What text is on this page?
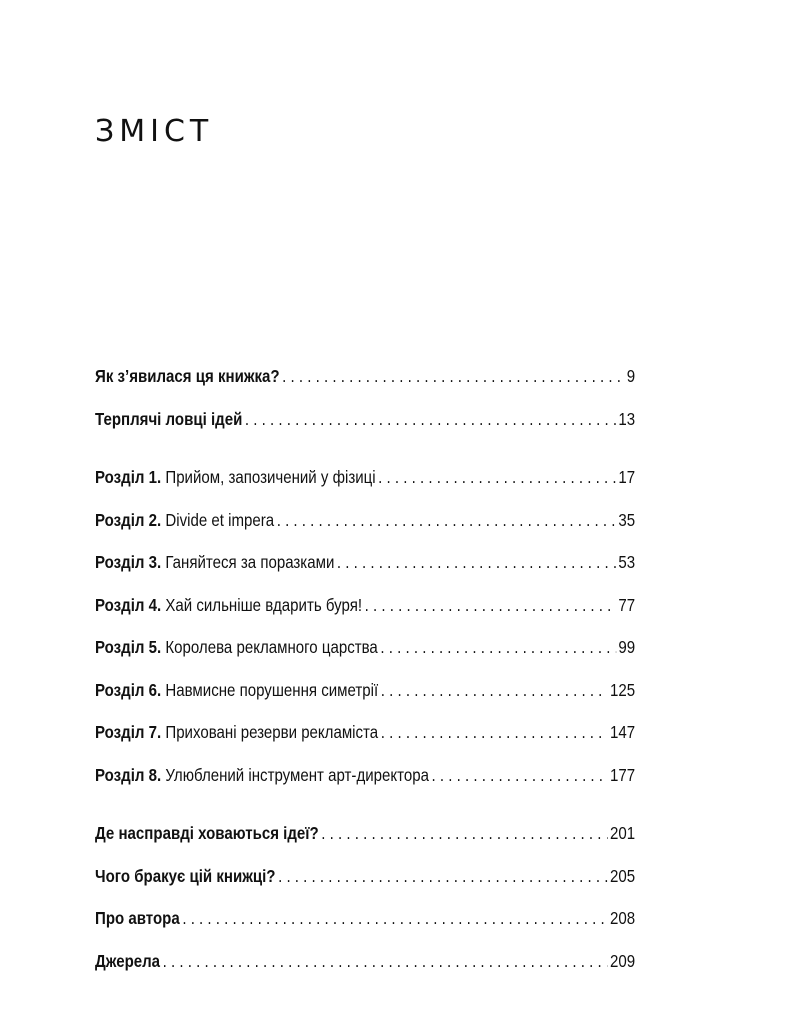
ЗМІСТ
Як з’явилася ця книжка? . . .	9
Терплячі ловці ідей . . .	13
Розділ 1. Прийом, запозичений у фізиці . . .	17
Розділ 2. Divide et impera . . .	35
Розділ 3. Ганяйтеся за поразками . . .	53
Розділ 4. Хай сильніше вдарить буря! . . .	77
Розділ 5. Королева рекламного царства . . .	99
Розділ 6. Навмисне порушення симетрії . . .	125
Розділ 7. Приховані резерви рекламіста . . .	147
Розділ 8. Улюблений інструмент арт-директора . . .	177
Де насправді ховаються ідеї? . . .	201
Чого бракує цій книжці? . . .	205
Про автора . . .	208
Джерела . . .	209
